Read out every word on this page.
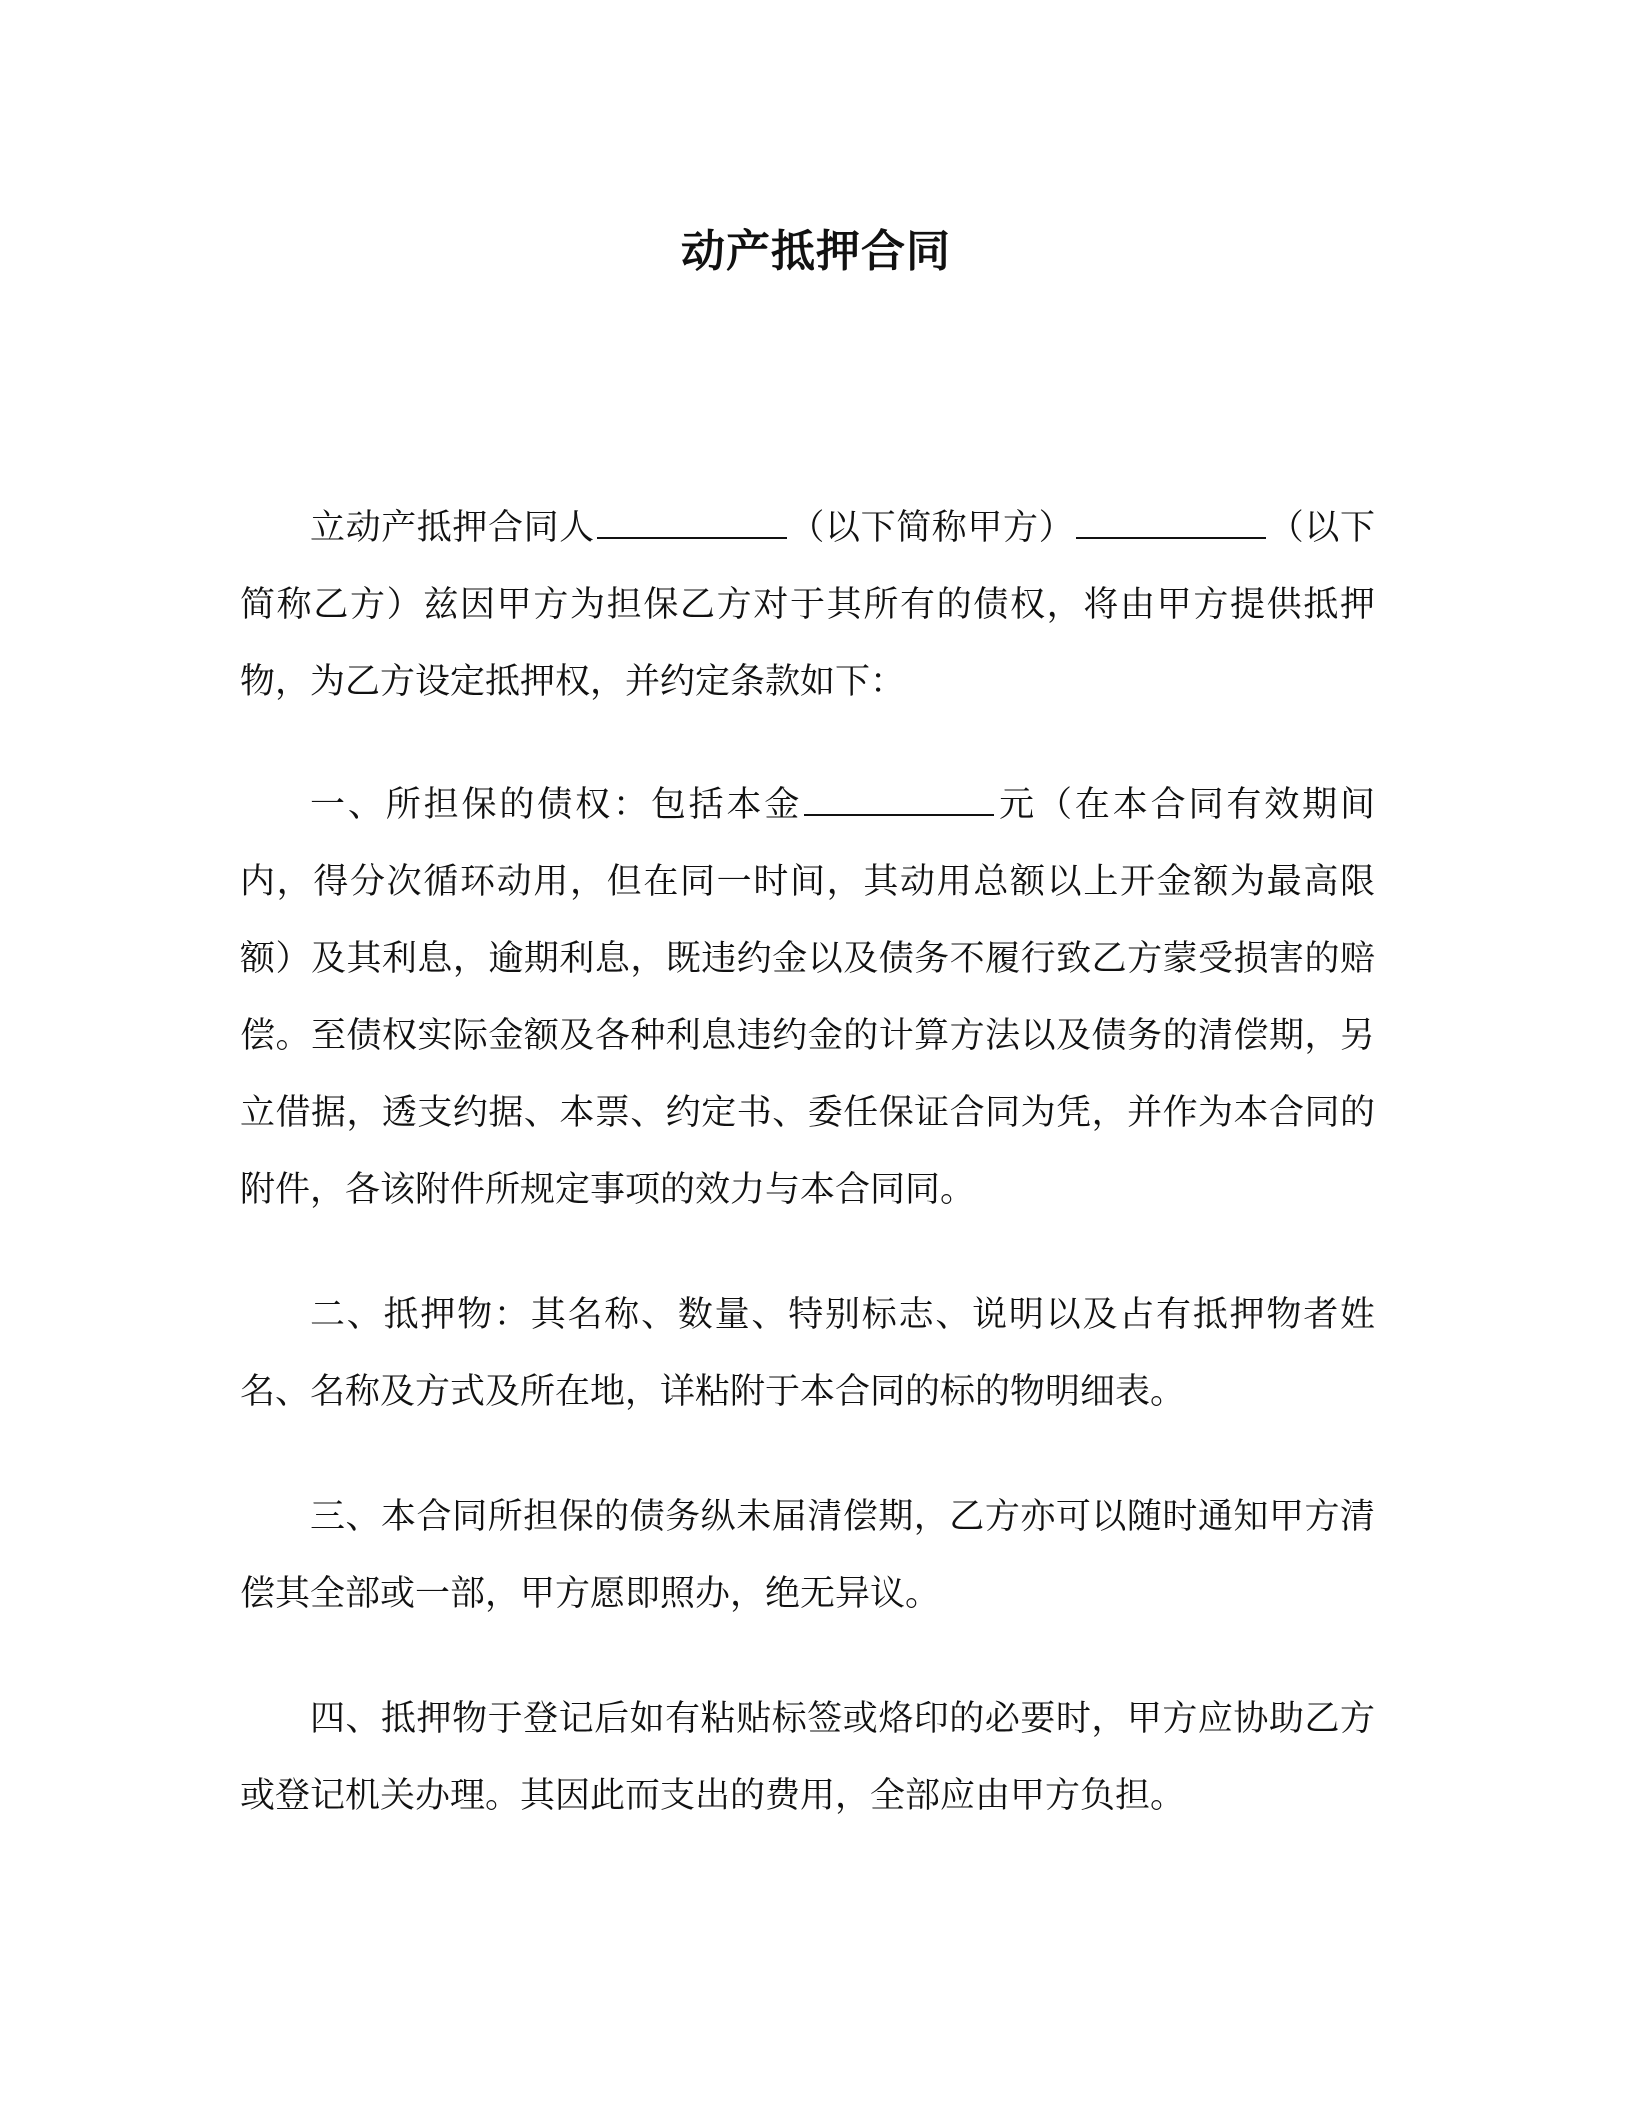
动产抵押合同

立动产抵押合同人	（以下简称甲方）	（以下简称乙方）兹因甲方为担保乙方对于其所有的债权，将由甲方提供抵押物，为乙方设定抵押权，并约定条款如下：

一、所担保的债权：包括本金	元（在本合同有效期间内，得分次循环动用，但在同一时间，其动用总额以上开金额为最高限额）及其利息，逾期利息，既违约金以及债务不履行致乙方蒙受损害的赔偿。至债权实际金额及各种利息违约金的计算方法以及债务的清偿期，另立借据，透支约据、本票、约定书、委任保证合同为凭，并作为本合同的附件，各该附件所规定事项的效力与本合同同。

二、抵押物：其名称、数量、特别标志、说明以及占有抵押物者姓名、名称及方式及所在地，详粘附于本合同的标的物明细表。

三、本合同所担保的债务纵未届清偿期，乙方亦可以随时通知甲方清偿其全部或一部，甲方愿即照办，绝无异议。

四、抵押物于登记后如有粘贴标签或烙印的必要时，甲方应协助乙方或登记机关办理。其因此而支出的费用，全部应由甲方负担。
